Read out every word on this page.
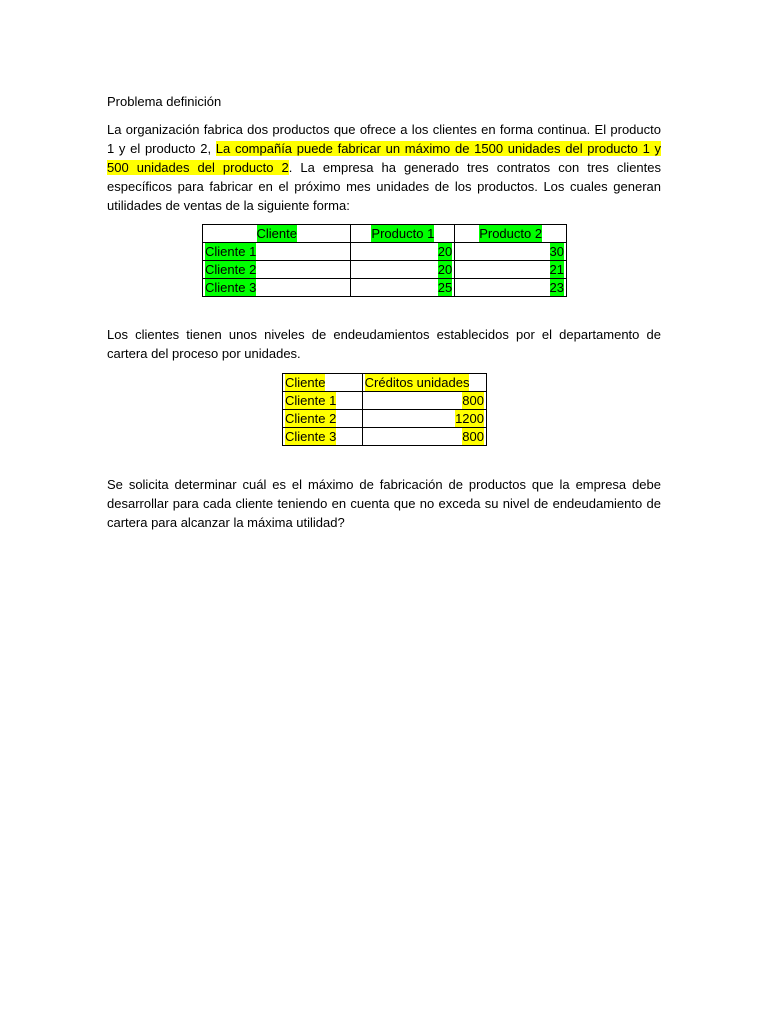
Problema definición

La organización fabrica dos productos que ofrece a los clientes en forma continua. El producto 1 y el producto 2, La compañía puede fabricar un máximo de 1500 unidades del producto 1 y 500 unidades del producto 2. La empresa ha generado tres contratos con tres clientes específicos para fabricar en el próximo mes unidades de los productos. Los cuales generan utilidades de ventas de la siguiente forma:

Cliente	Producto 1	Producto 2
Cliente 1	20	30
Cliente 2	20	21
Cliente 3	25	23

Los clientes tienen unos niveles de endeudamientos establecidos por el departamento de cartera del proceso por unidades.

Cliente	Créditos unidades
Cliente 1	800
Cliente 2	1200
Cliente 3	800

Se solicita determinar cuál es el máximo de fabricación de productos que la empresa debe desarrollar para cada cliente teniendo en cuenta que no exceda su nivel de endeudamiento de cartera para alcanzar la máxima utilidad?
